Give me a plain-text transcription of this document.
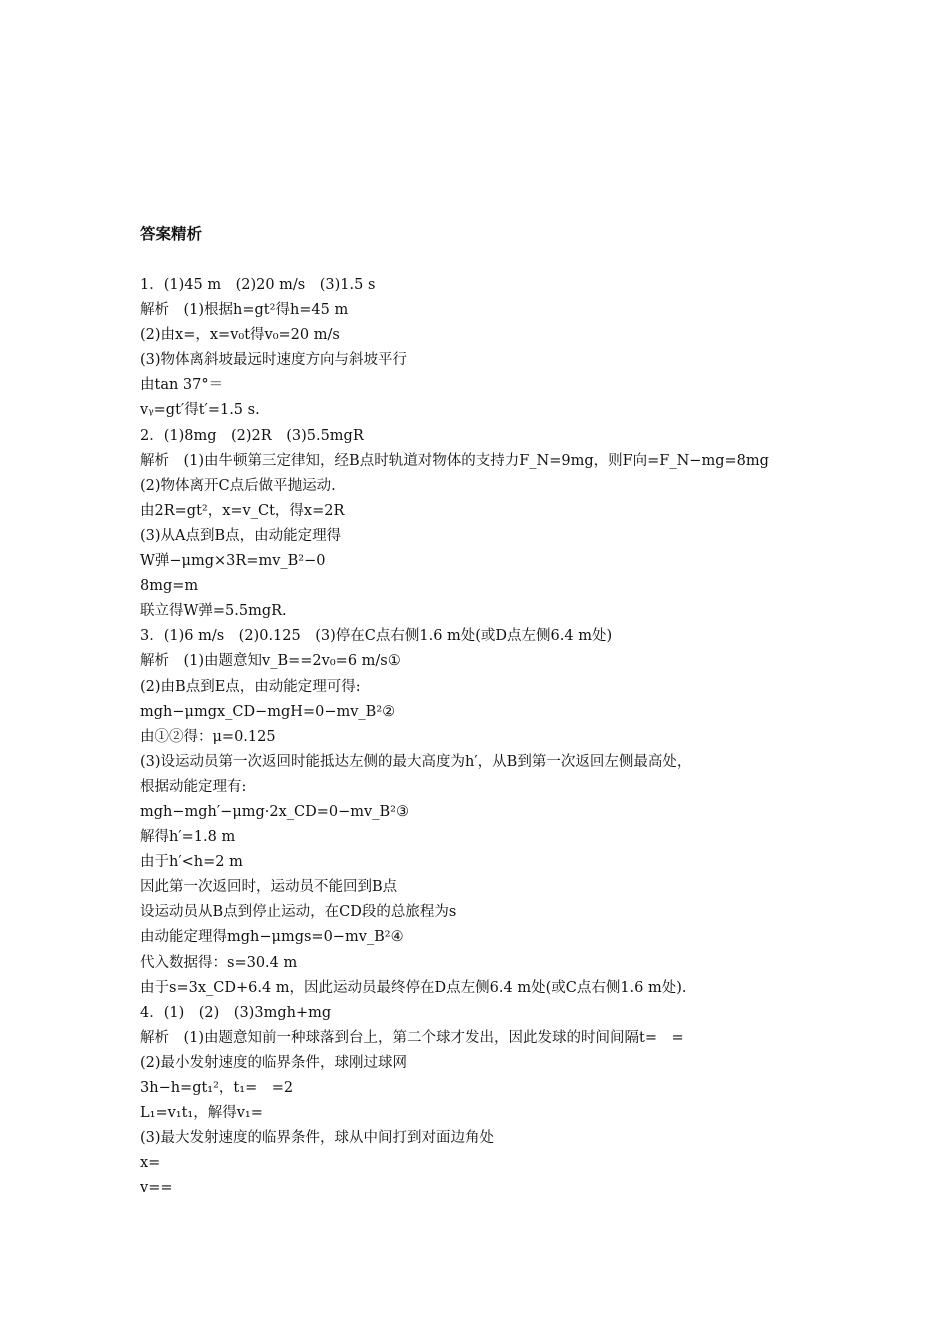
答案精析
1．(1)45 m　(2)20 m/s　(3)1.5 s
解析　(1)根据h=gt²得h=45 m
(2)由x=，x=v₀t得v₀=20 m/s
(3)物体离斜坡最远时速度方向与斜坡平行
由tan 37°＝
vᵧ=gt′得t′=1.5 s.
2．(1)8mg　(2)2R　(3)5.5mgR
解析　(1)由牛顿第三定律知，经B点时轨道对物体的支持力F_N=9mg，则F向=F_N−mg=8mg
(2)物体离开C点后做平抛运动.
由2R=gt²，x=v_Ct，得x=2R
(3)从A点到B点，由动能定理得
W弹−μmg×3R=mv_B²−0
8mg=m
联立得W弹=5.5mgR.
3．(1)6 m/s　(2)0.125　(3)停在C点右侧1.6 m处(或D点左侧6.4 m处)
解析　(1)由题意知v_B==2v₀=6 m/s①
(2)由B点到E点，由动能定理可得:
mgh−μmgx_CD−mgH=0−mv_B²②
由①②得：μ=0.125
(3)设运动员第一次返回时能抵达左侧的最大高度为h′，从B到第一次返回左侧最高处，
根据动能定理有:
mgh−mgh′−μmg·2x_CD=0−mv_B²③
解得h′=1.8 m
由于h′<h=2 m
因此第一次返回时，运动员不能回到B点
设运动员从B点到停止运动，在CD段的总旅程为s
由动能定理得mgh−μmgs=0−mv_B²④
代入数据得：s=30.4 m
由于s=3x_CD+6.4 m，因此运动员最终停在D点左侧6.4 m处(或C点右侧1.6 m处).
4．(1)　(2)　(3)3mgh+mg
解析　(1)由题意知前一种球落到台上，第二个球才发出，因此发球的时间间隔t=　=
(2)最小发射速度的临界条件，球刚过球网
3h−h=gt₁²，t₁=　=2
L₁=v₁t₁，解得v₁=
(3)最大发射速度的临界条件，球从中间打到对面边角处
x=
v==
